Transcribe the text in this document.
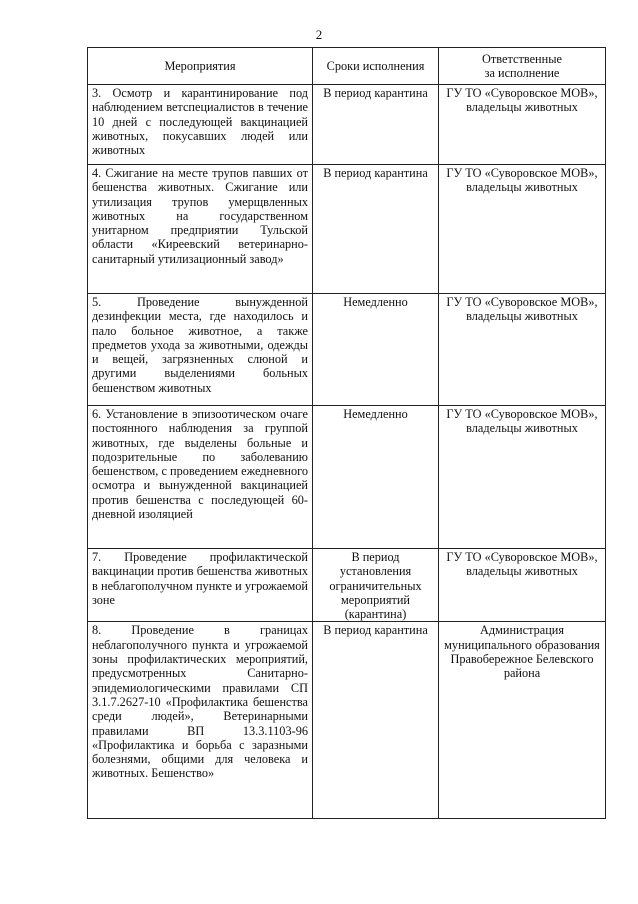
2
Мероприятия	Сроки исполнения	Ответственные
за исполнение
3. Осмотр и карантинирование под наблюдением ветспециалистов в течение 10 дней с последующей вакцинацией животных, покусавших людей или животных	В период карантина	ГУ ТО «Суворовское МОВ», владельцы животных
4. Сжигание на месте трупов павших от бешенства животных. Сжигание или утилизация трупов умерщвленных животных на государственном унитарном предприятии Тульской области «Киреевский ветеринарно-санитарный утилизационный завод»	В период карантина	ГУ ТО «Суворовское МОВ», владельцы животных
5. Проведение вынужденной дезинфекции места, где находилось и пало больное животное, а также предметов ухода за животными, одежды и вещей, загрязненных слюной и другими выделениями больных бешенством животных	Немедленно	ГУ ТО «Суворовское МОВ», владельцы животных
6. Установление в эпизоотическом очаге постоянного наблюдения за группой животных, где выделены больные и подозрительные по заболеванию бешенством, с проведением ежедневного осмотра и вынужденной вакцинацией против бешенства с последующей 60-дневной изоляцией	Немедленно	ГУ ТО «Суворовское МОВ», владельцы животных
7. Проведение профилактической вакцинации против бешенства животных в неблагополучном пункте и угрожаемой зоне	В период установления ограничительных мероприятий (карантина)	ГУ ТО «Суворовское МОВ», владельцы животных
8. Проведение в границах неблагополучного пункта и угрожаемой зоны профилактических мероприятий, предусмотренных Санитарно-эпидемиологическими правилами СП 3.1.7.2627-10 «Профилактика бешенства среди людей», Ветеринарными правилами ВП 13.3.1103-96 «Профилактика и борьба с заразными болезнями, общими для человека и животных. Бешенство»	В период карантина	Администрация муниципального образования Правобережное Белевского района
